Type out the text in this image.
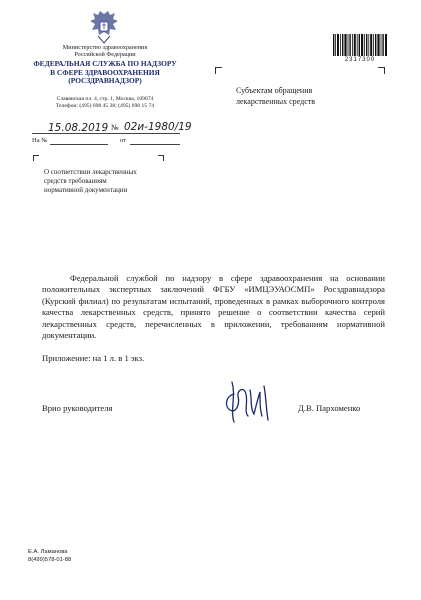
Министерство здравоохранения
Российской Федерации
ФЕДЕРАЛЬНАЯ СЛУЖБА ПО НАДЗОРУ
В СФЕРЕ ЗДРАВООХРАНЕНИЯ
(РОСЗДРАВНАДЗОР)
Славянская пл. 4, стр. 1, Москва, 109074
Телефон: (495) 698 45 38; (495) 698 15 74
2317300
Субъектам обращения
лекарственных средств
15.08.2019 № 02и-1980/19
На №	от
О соответствии лекарственных
средств требованиям
нормативной документации
Федеральной службой по надзору в сфере здравоохранения на основании положительных экспертных заключений ФГБУ «ИМЦЭУАОСМП» Росздравнадзора (Курский филиал) по результатам испытаний, проведенных в рамках выборочного контроля качества лекарственных средств, принято решение о соответствии качества серий лекарственных средств, перечисленных в приложении, требованиям нормативной документации.
Приложение: на 1 л. в 1 экз.
Врио руководителя	Д.В. Пархоменко
Е.А. Ламанова
8(499)578-01-88
